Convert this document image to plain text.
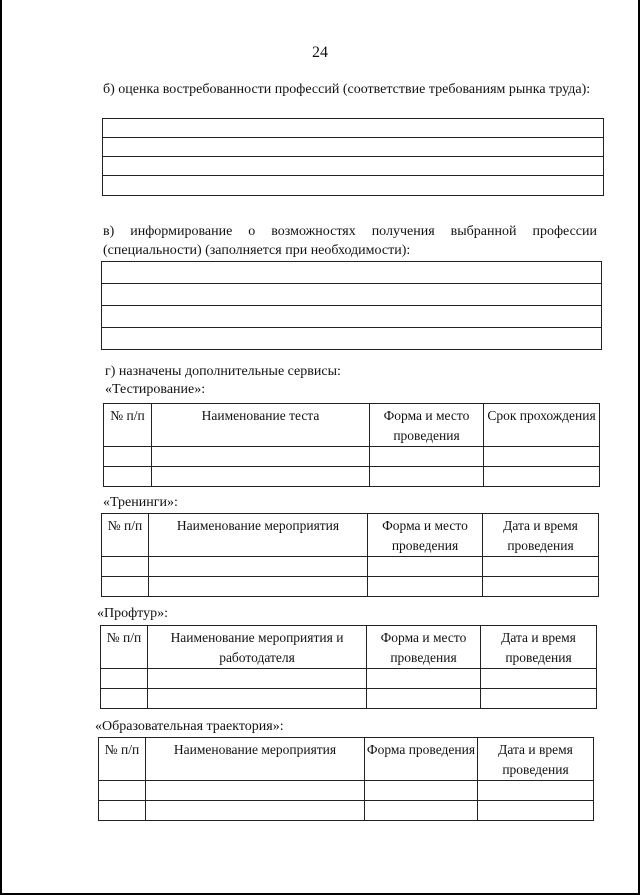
24
б) оценка востребованности профессий (соответствие требованиям рынка труда):
в) информирование о возможностях получения выбранной профессии (специальности) (заполняется при необходимости):
г) назначены дополнительные сервисы:
«Тестирование»:
№ п/п	Наименование теста	Форма и место проведения	Срок прохождения

«Тренинги»:
№ п/п	Наименование мероприятия	Форма и место проведения	Дата и время проведения

«Профтур»:
№ п/п	Наименование мероприятия и работодателя	Форма и место проведения	Дата и время проведения

«Образовательная траектория»:
№ п/п	Наименование мероприятия	Форма проведения	Дата и время проведения
